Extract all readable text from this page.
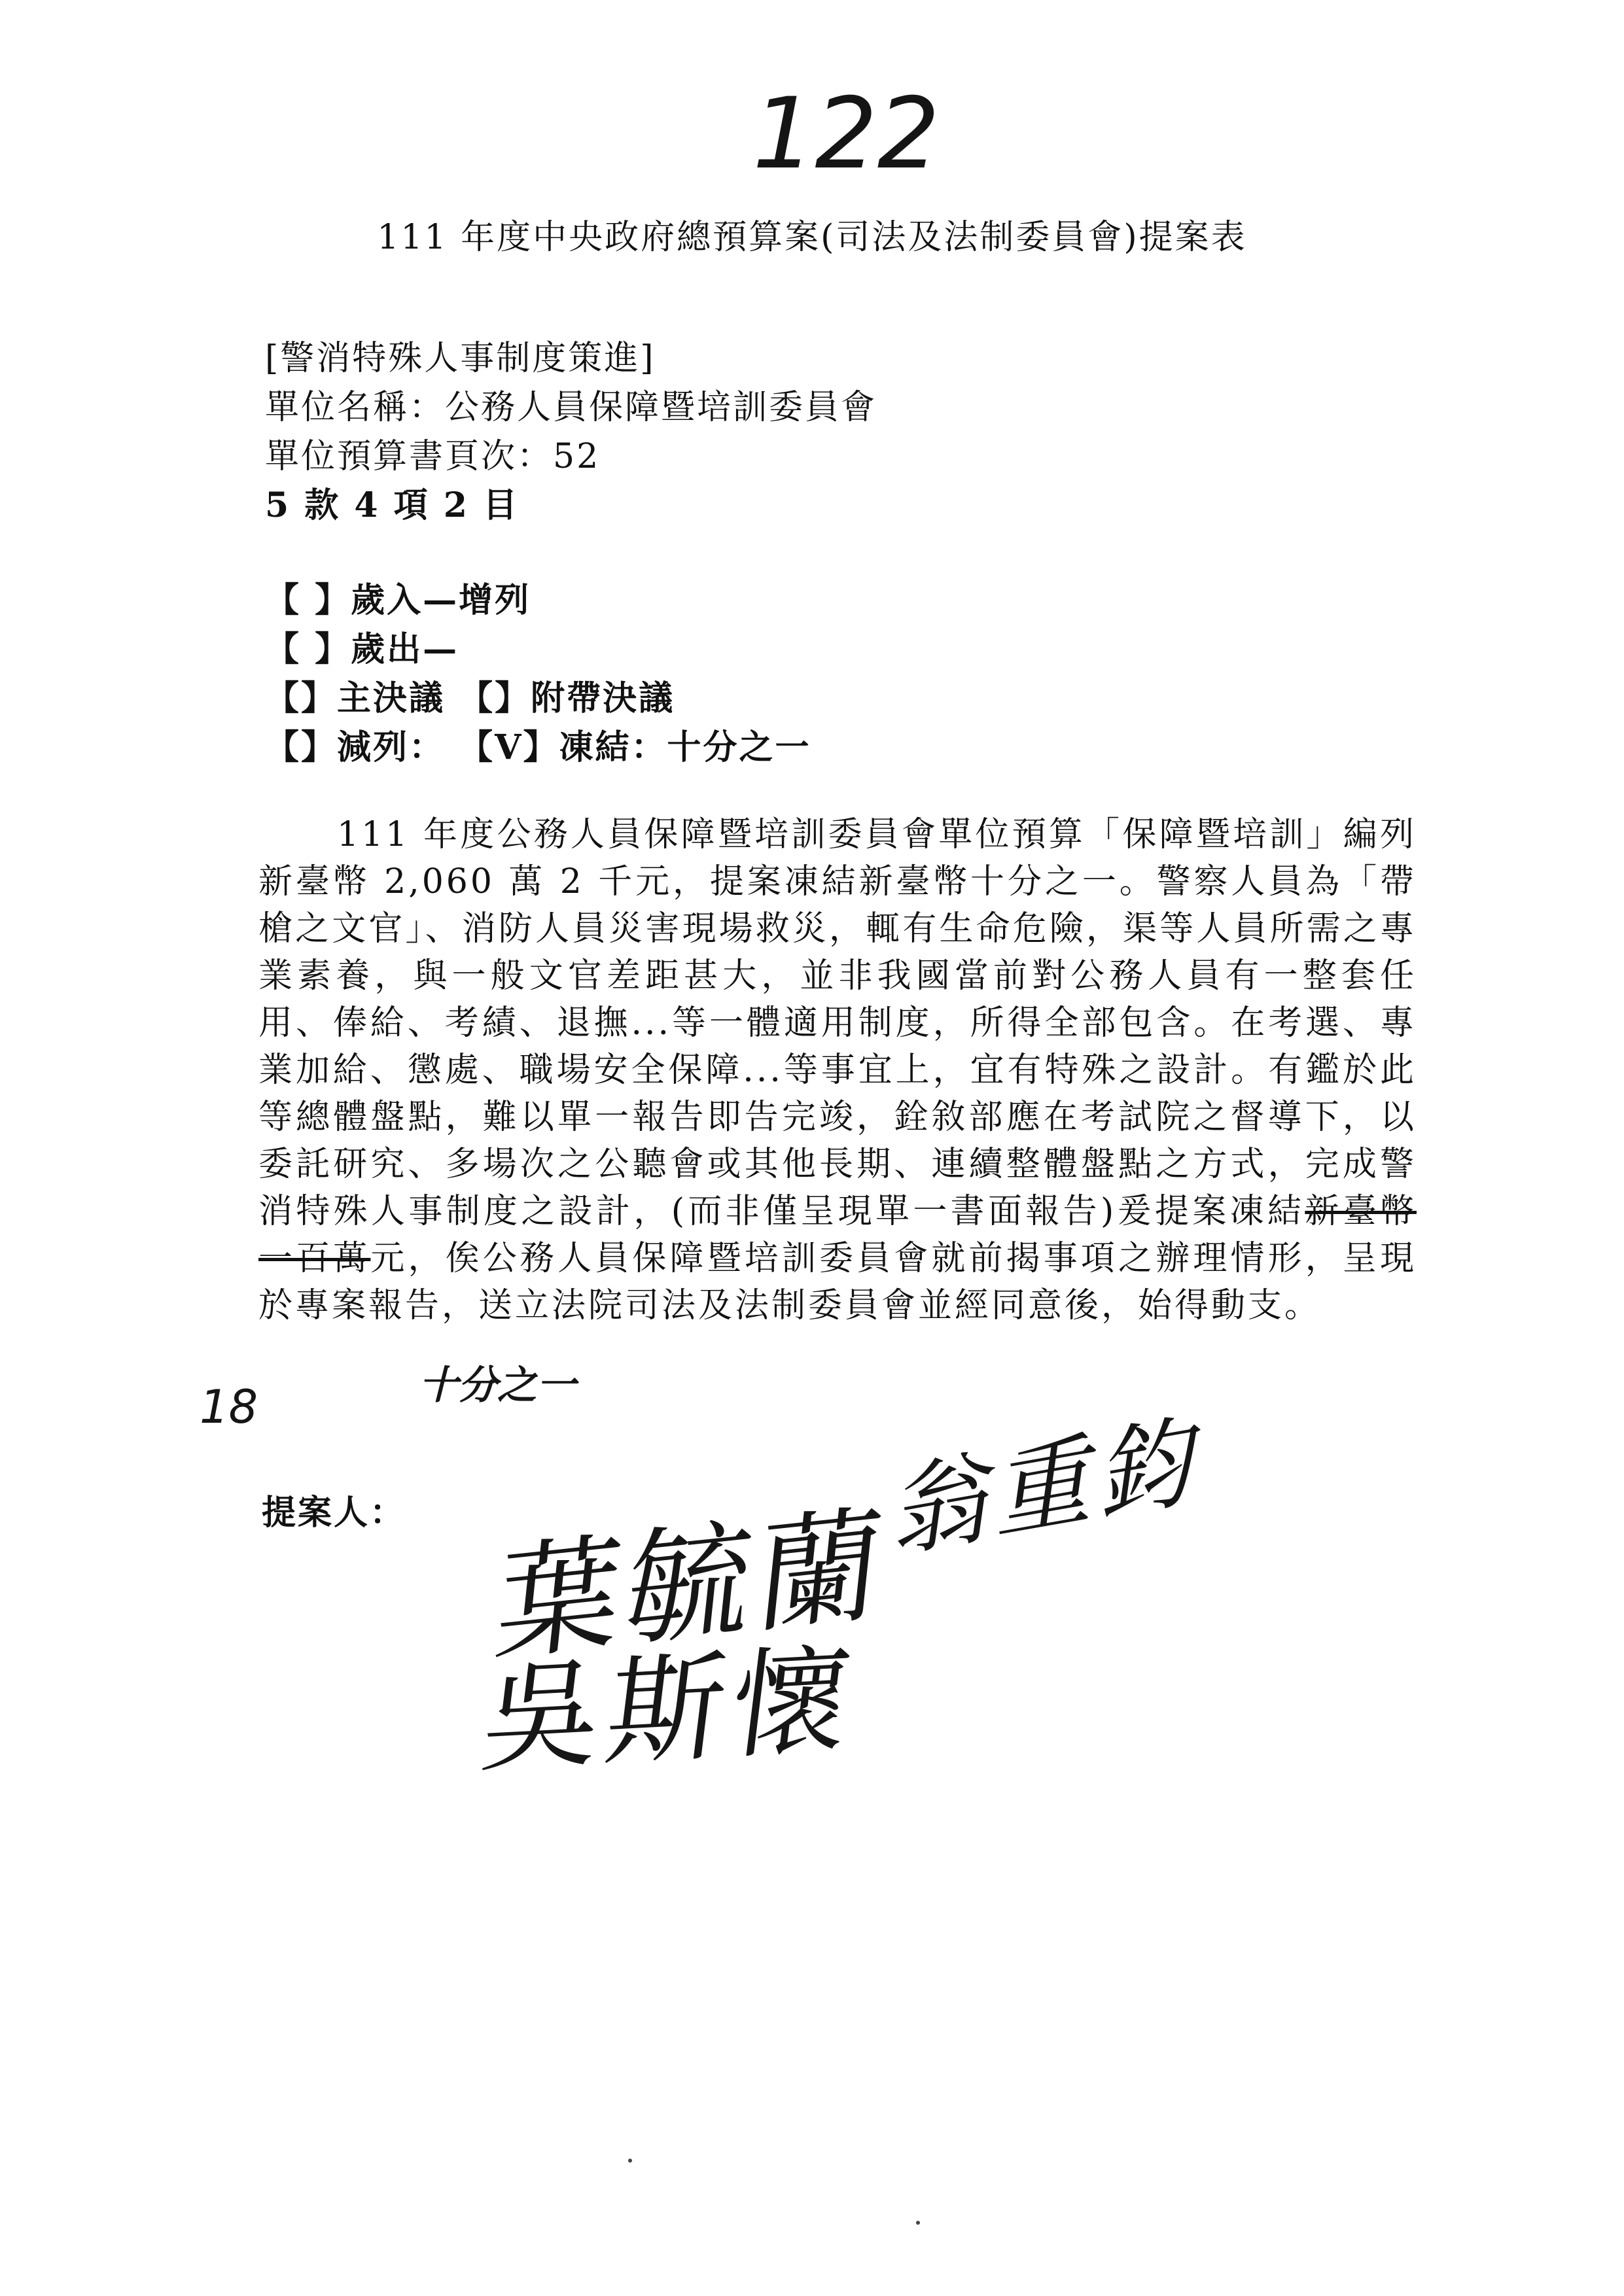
122
111 年度中央政府總預算案(司法及法制委員會)提案表
[警消特殊人事制度策進]
單位名稱：公務人員保障暨培訓委員會
單位預算書頁次：52
5 款 4 項 2 目
【 】歲入—增列
【 】歲出—
【】主決議 【】附帶決議
【】減列： 【V】凍結：十分之一
111 年度公務人員保障暨培訓委員會單位預算「保障暨培訓」編列新臺幣 2,060 萬 2 千元，提案凍結新臺幣十分之一。警察人員為「帶槍之文官」、消防人員災害現場救災，輒有生命危險，渠等人員所需之專業素養，與一般文官差距甚大，並非我國當前對公務人員有一整套任用、俸給、考績、退撫...等一體適用制度，所得全部包含。在考選、專業加給、懲處、職場安全保障...等事宜上，宜有特殊之設計。有鑑於此等總體盤點，難以單一報告即告完竣，銓敘部應在考試院之督導下，以委託研究、多場次之公聽會或其他長期、連續整體盤點之方式，完成警消特殊人事制度之設計，(而非僅呈現單一書面報告)爰提案凍結新臺幣一百萬元，俟公務人員保障暨培訓委員會就前揭事項之辦理情形，呈現於專案報告，送立法院司法及法制委員會並經同意後，始得動支。
18	十分之一
提案人： 葉毓蘭
翁重鈞
吳斯懷
